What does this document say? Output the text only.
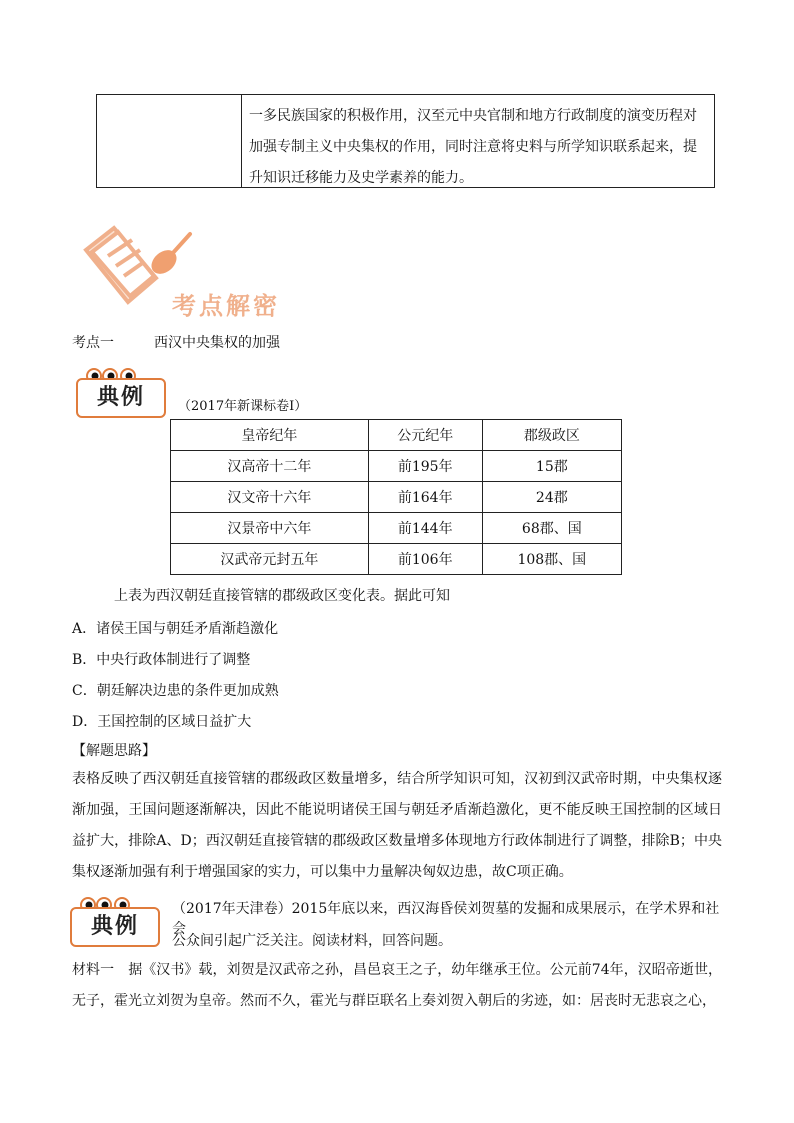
一多民族国家的积极作用，汉至元中央官制和地方行政制度的演变历程对加强专制主义中央集权的作用，同时注意将史料与所学知识联系起来，提升知识迁移能力及史学素养的能力。
考点解密
考点一	西汉中央集权的加强
典例	（2017年新课标卷Ⅰ）
皇帝纪年	公元纪年	郡级政区
汉高帝十二年	前195年	15郡
汉文帝十六年	前164年	24郡
汉景帝中六年	前144年	68郡、国
汉武帝元封五年	前106年	108郡、国
上表为西汉朝廷直接管辖的郡级政区变化表。据此可知
A．诸侯王国与朝廷矛盾渐趋激化
B．中央行政体制进行了调整
C．朝廷解决边患的条件更加成熟
D．王国控制的区域日益扩大
【解题思路】
表格反映了西汉朝廷直接管辖的郡级政区数量增多，结合所学知识可知，汉初到汉武帝时期，中央集权逐渐加强，王国问题逐渐解决，因此不能说明诸侯王国与朝廷矛盾渐趋激化，更不能反映王国控制的区域日益扩大，排除A、D；西汉朝廷直接管辖的郡级政区数量增多体现地方行政体制进行了调整，排除B；中央集权逐渐加强有利于增强国家的实力，可以集中力量解决匈奴边患，故C项正确。
典例
（2017年天津卷）2015年底以来，西汉海昏侯刘贺墓的发掘和成果展示，在学术界和社会
公众间引起广泛关注。阅读材料，回答问题。
材料一　据《汉书》载，刘贺是汉武帝之孙，昌邑哀王之子，幼年继承王位。公元前74年，汉昭帝逝世，无子，霍光立刘贺为皇帝。然而不久，霍光与群臣联名上奏刘贺入朝后的劣迹，如：居丧时无悲哀之心，
